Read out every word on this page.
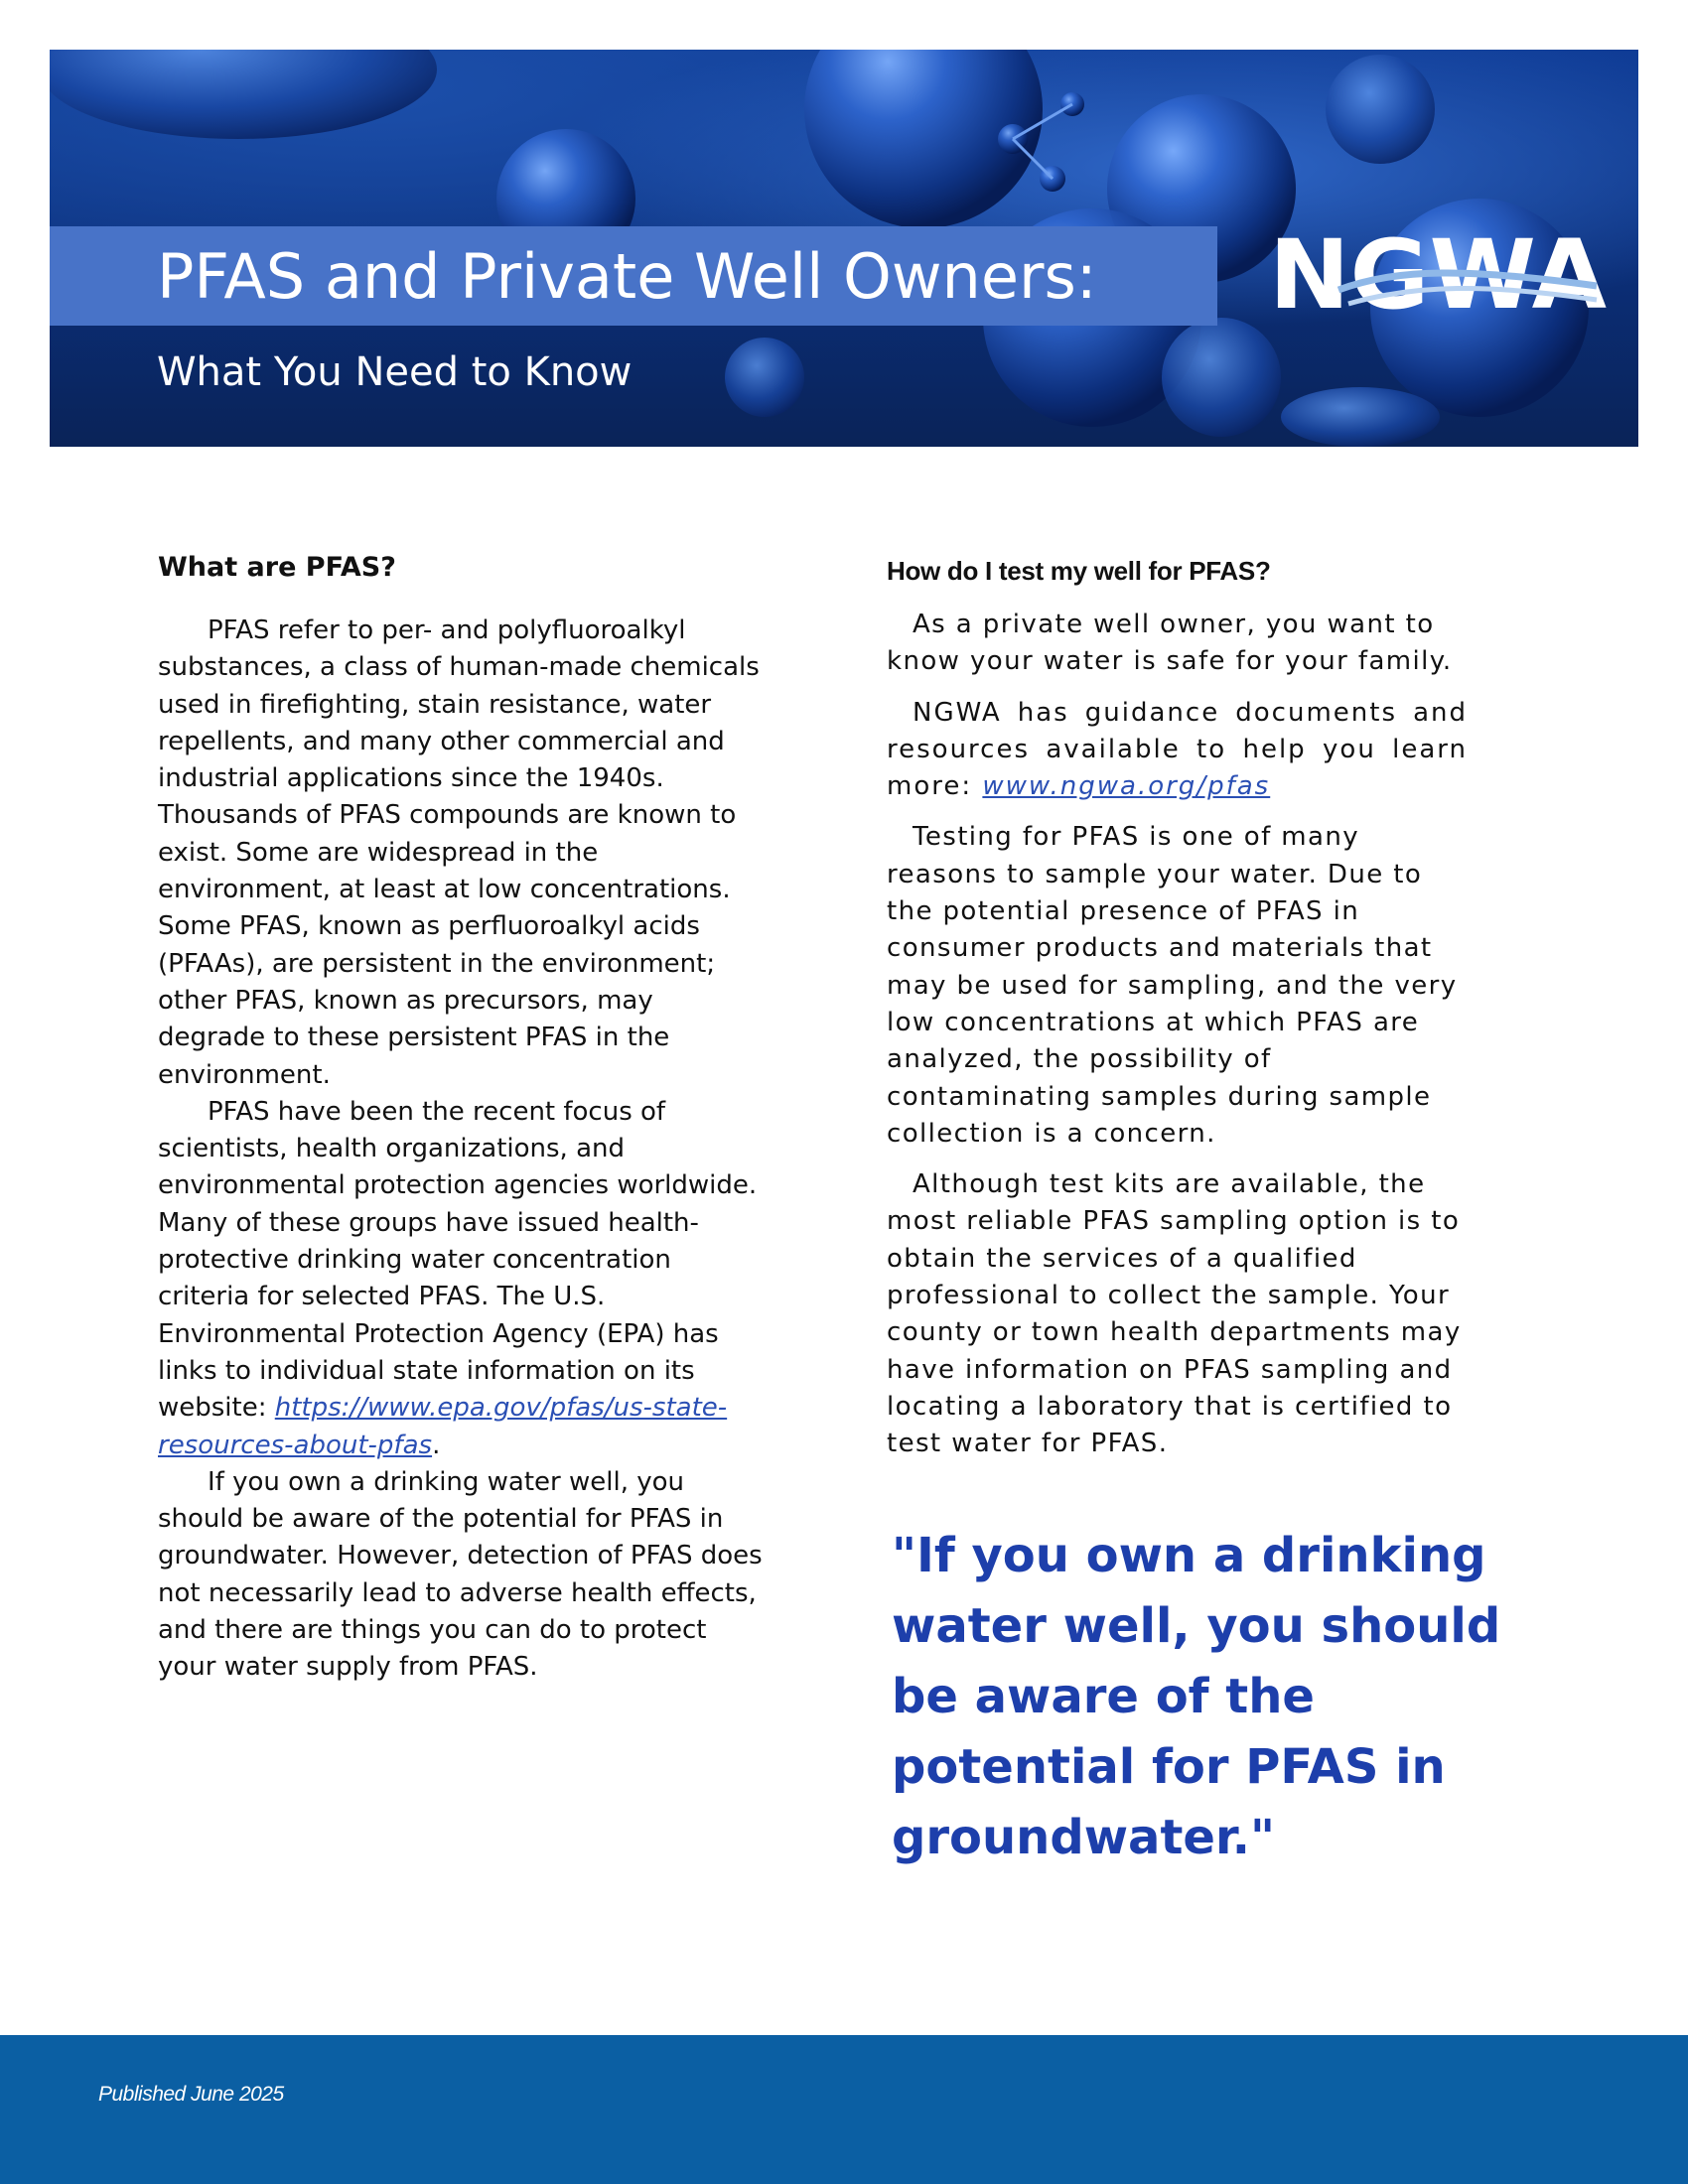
PFAS and Private Well Owners:
What You Need to Know
NGWA
What are PFAS?

PFAS refer to per- and polyfluoroalkyl substances, a class of human-made chemicals used in firefighting, stain resistance, water repellents, and many other commercial and industrial applications since the 1940s. Thousands of PFAS compounds are known to exist. Some are widespread in the environment, at least at low concentrations. Some PFAS, known as perfluoroalkyl acids (PFAAs), are persistent in the environment; other PFAS, known as precursors, may degrade to these persistent PFAS in the environment.

PFAS have been the recent focus of scientists, health organizations, and environmental protection agencies worldwide. Many of these groups have issued health-protective drinking water concentration criteria for selected PFAS. The U.S. Environmental Protection Agency (EPA) has links to individual state information on its website: https://www.epa.gov/pfas/us-state-resources-about-pfas.

If you own a drinking water well, you should be aware of the potential for PFAS in groundwater. However, detection of PFAS does not necessarily lead to adverse health effects, and there are things you can do to protect your water supply from PFAS.

How do I test my well for PFAS?

As a private well owner, you want to know your water is safe for your family.

NGWA has guidance documents and resources available to help you learn more: www.ngwa.org/pfas

Testing for PFAS is one of many reasons to sample your water. Due to the potential presence of PFAS in consumer products and materials that may be used for sampling, and the very low concentrations at which PFAS are analyzed, the possibility of contaminating samples during sample collection is a concern.

Although test kits are available, the most reliable PFAS sampling option is to obtain the services of a qualified professional to collect the sample. Your county or town health departments may have information on PFAS sampling and locating a laboratory that is certified to test water for PFAS.

"If you own a drinking water well, you should be aware of the potential for PFAS in groundwater."

Published June 2025
